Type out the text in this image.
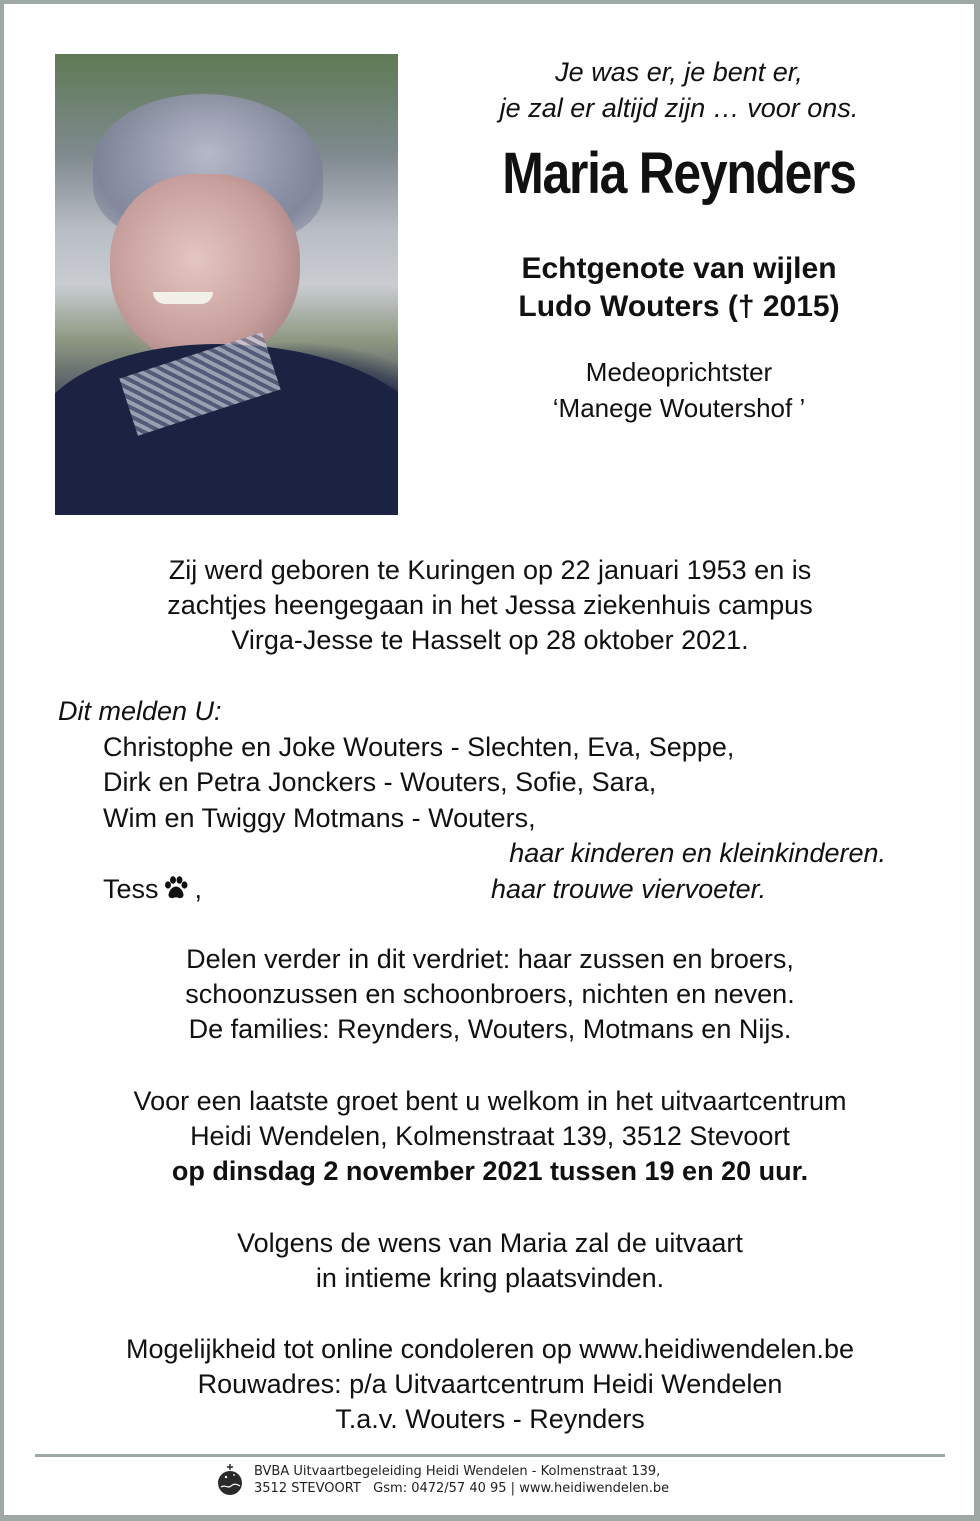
Je was er, je bent er,
je zal er altijd zijn … voor ons.
Maria Reynders
Echtgenote van wijlen
Ludo Wouters († 2015)
Medeoprichtster
‘Manege Woutershof ’
Zij werd geboren te Kuringen op 22 januari 1953 en is
zachtjes heengegaan in het Jessa ziekenhuis campus
Virga-Jesse te Hasselt op 28 oktober 2021.
Dit melden U:
Christophe en Joke Wouters - Slechten, Eva, Seppe,
Dirk en Petra Jonckers - Wouters, Sofie, Sara,
Wim en Twiggy Motmans - Wouters,
haar kinderen en kleinkinderen.
Tess ,	haar trouwe viervoeter.
Delen verder in dit verdriet: haar zussen en broers,
schoonzussen en schoonbroers, nichten en neven.
De families: Reynders, Wouters, Motmans en Nijs.
Voor een laatste groet bent u welkom in het uitvaartcentrum
Heidi Wendelen, Kolmenstraat 139, 3512 Stevoort
op dinsdag 2 november 2021 tussen 19 en 20 uur.
Volgens de wens van Maria zal de uitvaart
in intieme kring plaatsvinden.
Mogelijkheid tot online condoleren op www.heidiwendelen.be
Rouwadres: p/a Uitvaartcentrum Heidi Wendelen
T.a.v. Wouters - Reynders
BVBA Uitvaartbegeleiding Heidi Wendelen - Kolmenstraat 139,
3512 STEVOORT   Gsm: 0472/57 40 95 | www.heidiwendelen.be
